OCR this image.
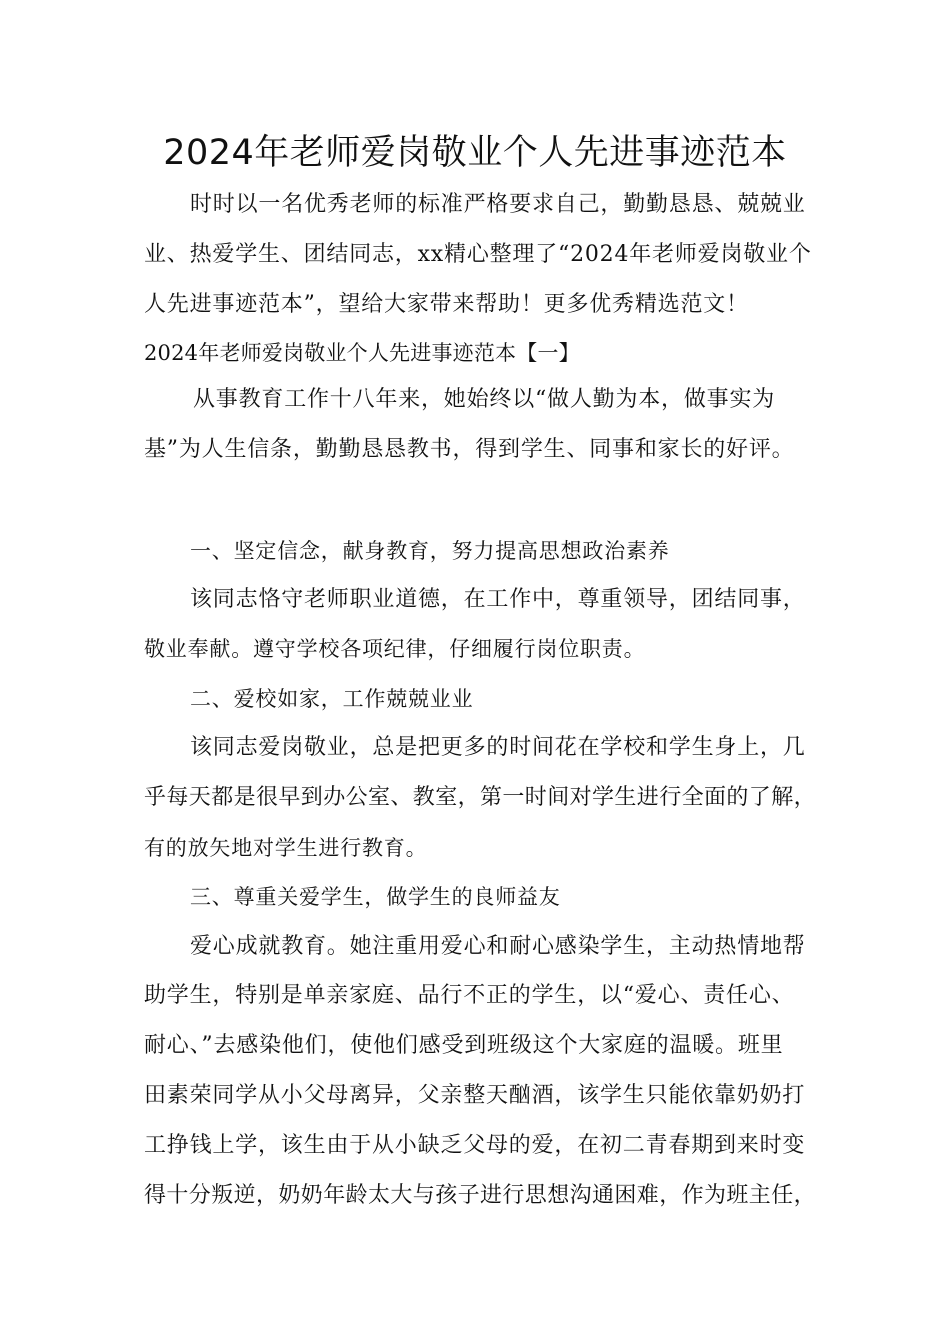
2024年老师爱岗敬业个人先进事迹范本
时时以一名优秀老师的标准严格要求自己，勤勤恳恳、兢兢业
业、热爱学生、团结同志，xx精心整理了“2024年老师爱岗敬业个
人先进事迹范本”，望给大家带来帮助！更多优秀精选范文！
2024年老师爱岗敬业个人先进事迹范本【一】
从事教育工作十八年来，她始终以“做人勤为本，做事实为
基”为人生信条，勤勤恳恳教书，得到学生、同事和家长的好评。
一、坚定信念，献身教育，努力提高思想政治素养
该同志恪守老师职业道德，在工作中，尊重领导，团结同事，
敬业奉献。遵守学校各项纪律，仔细履行岗位职责。
二、爱校如家，工作兢兢业业
该同志爱岗敬业，总是把更多的时间花在学校和学生身上，几
乎每天都是很早到办公室、教室，第一时间对学生进行全面的了解，
有的放矢地对学生进行教育。
三、尊重关爱学生，做学生的良师益友
爱心成就教育。她注重用爱心和耐心感染学生，主动热情地帮
助学生，特别是单亲家庭、品行不正的学生，以“爱心、责任心、
耐心、”去感染他们，使他们感受到班级这个大家庭的温暖。班里
田素荣同学从小父母离异，父亲整天酗酒，该学生只能依靠奶奶打
工挣钱上学，该生由于从小缺乏父母的爱，在初二青春期到来时变
得十分叛逆，奶奶年龄太大与孩子进行思想沟通困难，作为班主任，
